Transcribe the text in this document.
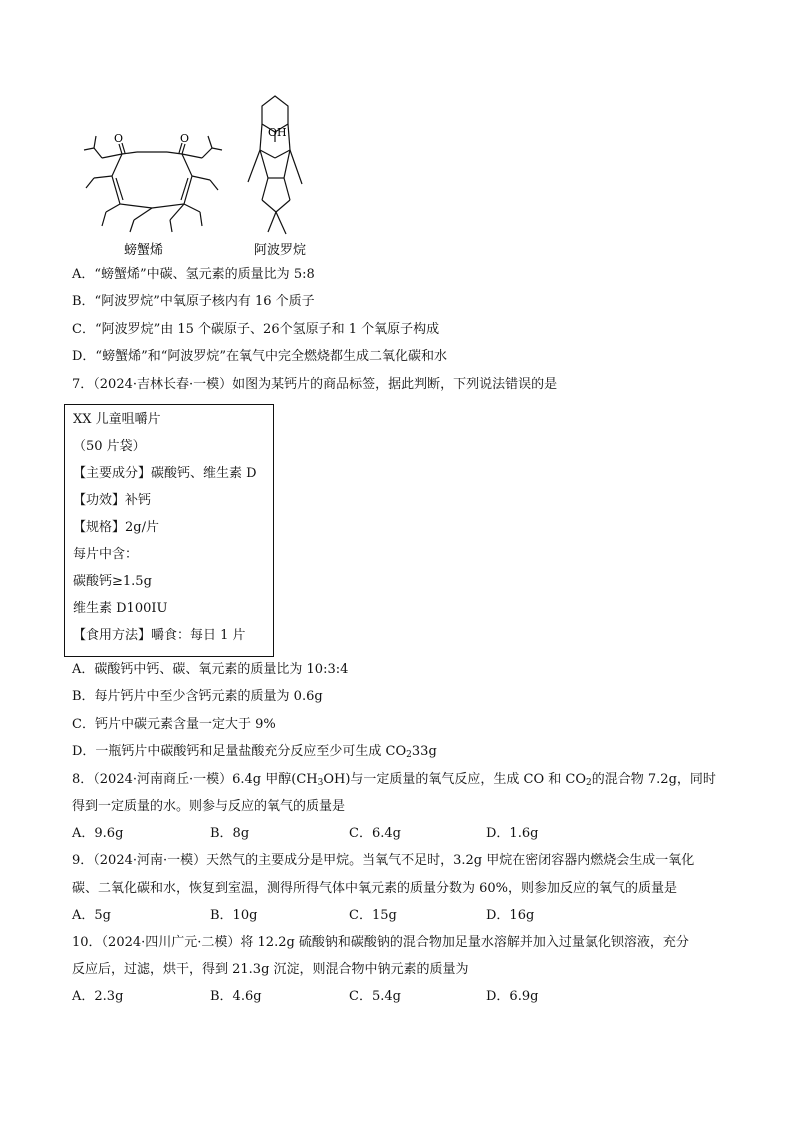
O	O	OH
螃蟹烯	阿波罗烷
A．“螃蟹烯”中碳、氢元素的质量比为 5:8
B．“阿波罗烷”中氧原子核内有 16 个质子
C．“阿波罗烷”由 15 个碳原子、26个氢原子和 1 个氧原子构成
D．“螃蟹烯”和“阿波罗烷”在氧气中完全燃烧都生成二氧化碳和水
7．（2024·吉林长春·一模）如图为某钙片的商品标签，据此判断，下列说法错误的是
XX 儿童咀嚼片
（50 片袋）
【主要成分】碳酸钙、维生素 D
【功效】补钙
【规格】2g/片
每片中含：
碳酸钙≥1.5g
维生素 D100IU
【食用方法】嚼食：每日 1 片
A．碳酸钙中钙、碳、氧元素的质量比为 10:3:4
B．每片钙片中至少含钙元素的质量为 0.6g
C．钙片中碳元素含量一定大于 9%
D．一瓶钙片中碳酸钙和足量盐酸充分反应至少可生成 $CO_233g$
8．（2024·河南商丘·一模）6.4g 甲醇$(CH_3OH)$与一定质量的氧气反应，生成 CO 和 $CO_2$的混合物 7.2g，同时
得到一定质量的水。则参与反应的氧气的质量是
A．9.6g	B．8g	C．6.4g	D．1.6g
9．（2024·河南·一模）天然气的主要成分是甲烷。当氧气不足时，3.2g 甲烷在密闭容器内燃烧会生成一氧化
碳、二氧化碳和水，恢复到室温，测得所得气体中氧元素的质量分数为 60%，则参加反应的氧气的质量是
A．5g	B．10g	C．15g	D．16g
10．（2024·四川广元·二模）将 12.2g 硫酸钠和碳酸钠的混合物加足量水溶解并加入过量氯化钡溶液，充分
反应后，过滤，烘干，得到 21.3g 沉淀，则混合物中钠元素的质量为
A．2.3g	B．4.6g	C．5.4g	D．6.9g
